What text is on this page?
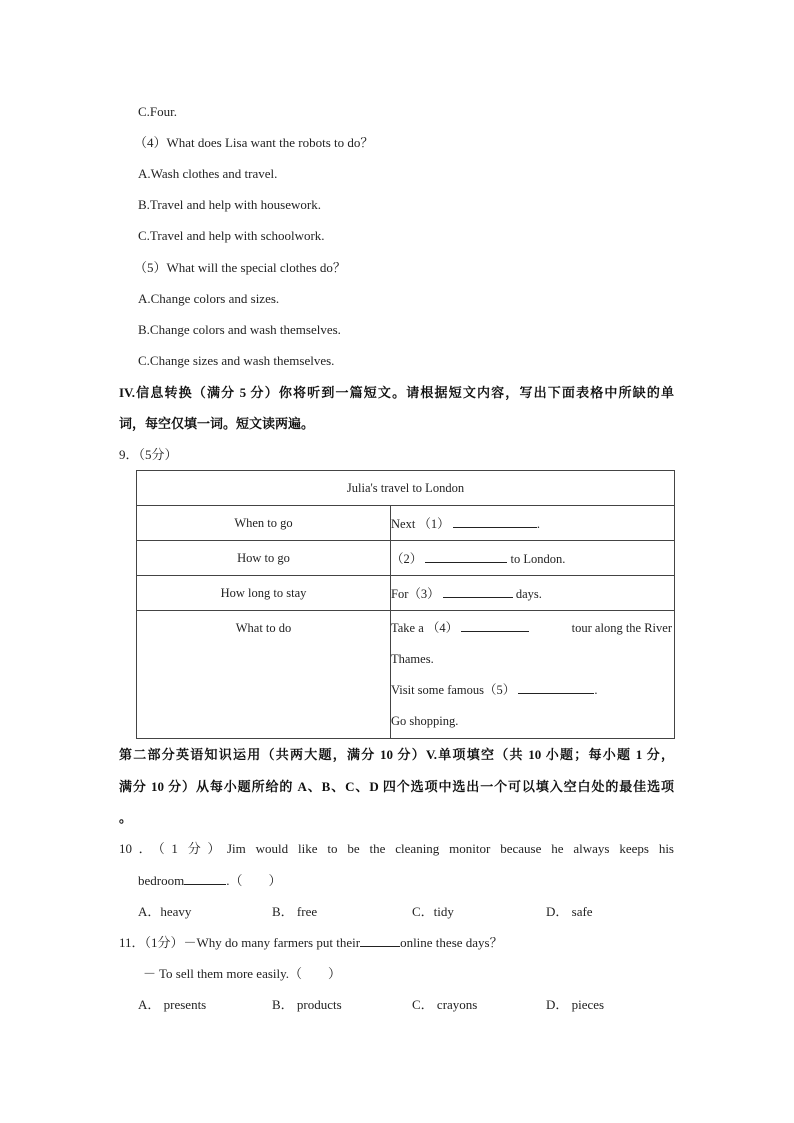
C.Four.
（4）What does Lisa want the robots to do？
A.Wash clothes and travel.
B.Travel and help with housework.
C.Travel and help with schoolwork.
（5）What will the special clothes do？
A.Change colors and sizes.
B.Change colors and wash themselves.
C.Change sizes and wash themselves.
IV.信息转换（满分 5 分）你将听到一篇短文。请根据短文内容，写出下面表格中所缺的单
词，每空仅填一词。短文读两遍。
9．（5分）
Julia's travel to London	
When to go	Next （1） .
How to go	（2） to London.
How long to stay	For（3） days.
What to do	Take a （4） tour along the River
Thames.
Visit some famous（5） .
Go shopping.
第二部分英语知识运用（共两大题，满分 10 分）V.单项填空（共 10 小题；每小题 1 分，
满分 10 分）从每小题所给的 A、B、C、D 四个选项中选出一个可以填入空白处的最佳选项
。
10．（1 分）Jim would like to be the cleaning monitor because he always keeps his
bedroom	.（　　）
A．heavy	B． free	C．tidy	D． safe
11．（1分）－Why do many farmers put their	online these days？
－ To sell them more easily.（　　）
A． presents	B． products	C． crayons	D． pieces
